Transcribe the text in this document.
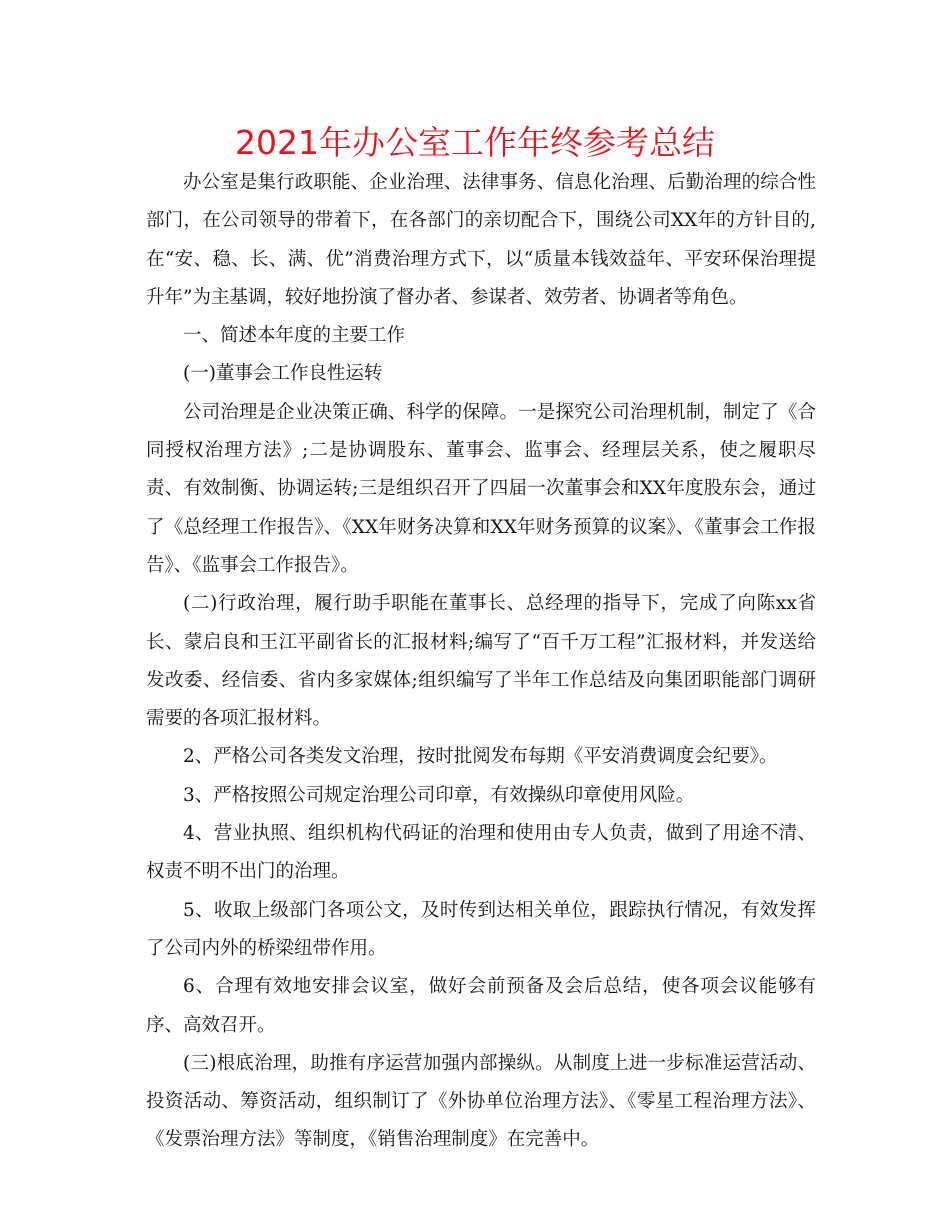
2021年办公室工作年终参考总结

办公室是集行政职能、企业治理、法律事务、信息化治理、后勤治理的综合性部门，在公司领导的带着下，在各部门的亲切配合下，围绕公司XX年的方针目的,在“安、稳、长、满、优”消费治理方式下，以“质量本钱效益年、平安环保治理提升年”为主基调，较好地扮演了督办者、参谋者、效劳者、协调者等角色。

一、简述本年度的主要工作

(一)董事会工作良性运转

公司治理是企业决策正确、科学的保障。一是探究公司治理机制，制定了《合同授权治理方法》;二是协调股东、董事会、监事会、经理层关系，使之履职尽责、有效制衡、协调运转;三是组织召开了四届一次董事会和XX年度股东会，通过了《总经理工作报告》、《XX年财务决算和XX年财务预算的议案》、《董事会工作报告》、《监事会工作报告》。

(二)行政治理，履行助手职能在董事长、总经理的指导下，完成了向陈xx省长、蒙启良和王江平副省长的汇报材料;编写了“百千万工程”汇报材料，并发送给发改委、经信委、省内多家媒体;组织编写了半年工作总结及向集团职能部门调研需要的各项汇报材料。

2、严格公司各类发文治理，按时批阅发布每期《平安消费调度会纪要》。

3、严格按照公司规定治理公司印章，有效操纵印章使用风险。

4、营业执照、组织机构代码证的治理和使用由专人负责，做到了用途不清、权责不明不出门的治理。

5、收取上级部门各项公文，及时传到达相关单位，跟踪执行情况，有效发挥了公司内外的桥梁纽带作用。

6、合理有效地安排会议室，做好会前预备及会后总结，使各项会议能够有序、高效召开。

(三)根底治理，助推有序运营加强内部操纵。从制度上进一步标准运营活动、投资活动、筹资活动，组织制订了《外协单位治理方法》、《零星工程治理方法》、《发票治理方法》等制度，《销售治理制度》在完善中。
